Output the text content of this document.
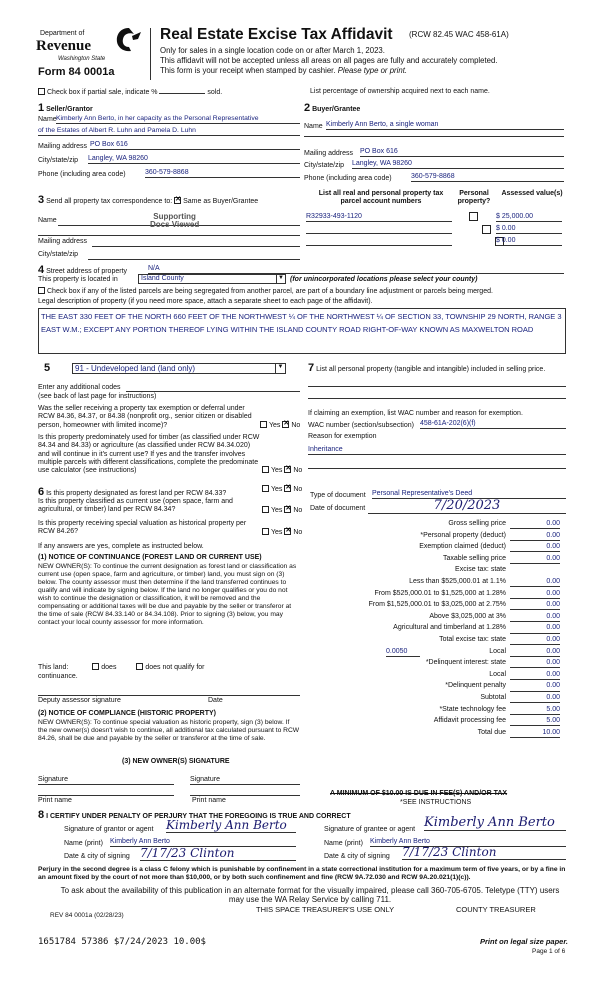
Department of
Revenue
Washington State
Form 84 0001a
Real Estate Excise Tax Affidavit (RCW 82.45 WAC 458-61A)
Only for sales in a single location code on or after March 1, 2023.
This affidavit will not be accepted unless all areas on all pages are fully and accurately completed.
This form is your receipt when stamped by cashier. Please type or print.
Check box if partial sale, indicate %	sold.	List percentage of ownership acquired next to each name.
1 Seller/Grantor
Name Kimberly Ann Berto, in her capacity as the Personal Representative
of the Estates of Albert R. Luhn and Pamela D. Luhn
Mailing address PO Box 616
City/state/zip Langley, WA 98260
Phone (including area code)	360-579-8868
2 Buyer/Grantee
Name Kimberly Ann Berto, a single woman
Mailing address PO Box 616
City/state/zip Langley, WA 98260
Phone (including area code)	360-579-8868
3 Send all property tax correspondence to: ✕ Same as Buyer/Grantee
Name	Supporting
Docs Viewed
Mailing address
City/state/zip
List all real and personal property tax parcel account numbers
Personal property?
Assessed value(s)
R32933-493-1120
	$ 25,000.00

$ 0.00
$ 0.00
4 Street address of property	N/A
This property is located in	Island County	▼ (for unincorporated locations please select your county)
Check box if any of the listed parcels are being segregated from another parcel, are part of a boundary line adjustment or parcels being merged.
Legal description of property (if you need more space, attach a separate sheet to each page of the affidavit).
THE EAST 330 FEET OF THE NORTH 660 FEET OF THE NORTHWEST ¼ OF THE NORTHWEST ¼ OF SECTION 33, TOWNSHIP 29 NORTH, RANGE 3 EAST W.M.; EXCEPT ANY PORTION THEREOF LYING WITHIN THE ISLAND COUNTY ROAD RIGHT-OF-WAY KNOWN AS MAXWELTON ROAD
5	91 - Undeveloped land (land only)	▼
Enter any additional codes
(see back of last page for instructions)
Was the seller receiving a property tax exemption or deferral under RCW 84.36, 84.37, or 84.38 (nonprofit org., senior citizen or disabled person, homeowner with limited income)?	Yes ✕ No
Is this property predominately used for timber (as classified under RCW 84.34 and 84.33) or agriculture (as classified under RCW 84.34.020) and will continue in it's current use? If yes and the transfer involves multiple parcels with different classifications, complete the predominate use calculator (see instructions)	Yes ✕ No
7 List all personal property (tangible and intangible) included in selling price.
If claiming an exemption, list WAC number and reason for exemption.
WAC number (section/subsection) 458-61A-202(6)(f)
Reason for exemption
Inheritance
6 Is this property designated as forest land per RCW 84.33?
Yes ✕ No
Is this property classified as current use (open space, farm and agricultural, or timber) land per RCW 84.34?	Yes ✕ No
Is this property receiving special valuation as historical property per RCW 84.26?	Yes ✕ No
If any answers are yes, complete as instructed below.
(1) NOTICE OF CONTINUANCE (FOREST LAND OR CURRENT USE)
NEW OWNER(S): To continue the current designation as forest land or classification as current use (open space, farm and agriculture, or timber) land, you must sign on (3) below. The county assessor must then determine if the land transferred continues to qualify and will indicate by signing below. If the land no longer qualifies or you do not wish to continue the designation or classification, it will be removed and the compensating or additional taxes will be due and payable by the seller or transferor at the time of sale (RCW 84.33.140 or 84.34.108). Prior to signing (3) below, you may contact your local county assessor for more information.
This land:	does	does not qualify for
continuance.
Deputy assessor signature	Date
(2) NOTICE OF COMPLIANCE (HISTORIC PROPERTY)
NEW OWNER(S): To continue special valuation as historic property, sign (3) below. If the new owner(s) doesn't wish to continue, all additional tax calculated pursuant to RCW 84.26, shall be due and payable by the seller or transferor at the time of sale.
(3) NEW OWNER(S) SIGNATURE
Signature	Signature
Print name	Print name
Type of document Personal Representative's Deed
Date of document	7/20/2023
Gross selling price	0.00
*Personal property (deduct)	0.00
Exemption claimed (deduct)	0.00
Taxable selling price	0.00
Excise tax: state
Less than $525,000.01 at 1.1%	0.00
From $525,000.01 to $1,525,000 at 1.28%	0.00
From $1,525,000.01 to $3,025,000 at 2.75%	0.00
Above $3,025,000 at 3%	0.00
Agricultural and timberland at 1.28%	0.00
Total excise tax: state	0.00
Local
0.0050	0.00
*Delinquent interest: state	0.00
Local	0.00
*Delinquent penalty	0.00
Subtotal	0.00
*State technology fee	5.00
Affidavit processing fee	5.00
Total due	10.00
A MINIMUM OF $10.00 IS DUE IN FEE(S) AND/OR TAX
*SEE INSTRUCTIONS
8 I CERTIFY UNDER PENALTY OF PERJURY THAT THE FOREGOING IS TRUE AND CORRECT
Signature of grantor or agent Kimberly Ann Berto
Name (print) Kimberly Ann Berto
Date & city of signing 7/17/23 Clinton
Signature of grantee or agent Kimberly Ann Berto
Name (print) Kimberly Ann Berto
Date & city of signing 7/17/23 Clinton
Perjury in the second degree is a class C felony which is punishable by confinement in a state correctional institution for a maximum term of five years, or by a fine in an amount fixed by the court of not more than $10,000, or by both such confinement and fine (RCW 9A.72.030 and RCW 9A.20.021(1)(c)).
To ask about the availability of this publication in an alternate format for the visually impaired, please call 360-705-6705. Teletype (TTY) users may use the WA Relay Service by calling 711.
REV 84 0001a (02/28/23)
THIS SPACE TREASURER'S USE ONLY	COUNTY TREASURER
1651784 57386 $7/24/2023 10.00$	Print on legal size paper.
Page 1 of 6
